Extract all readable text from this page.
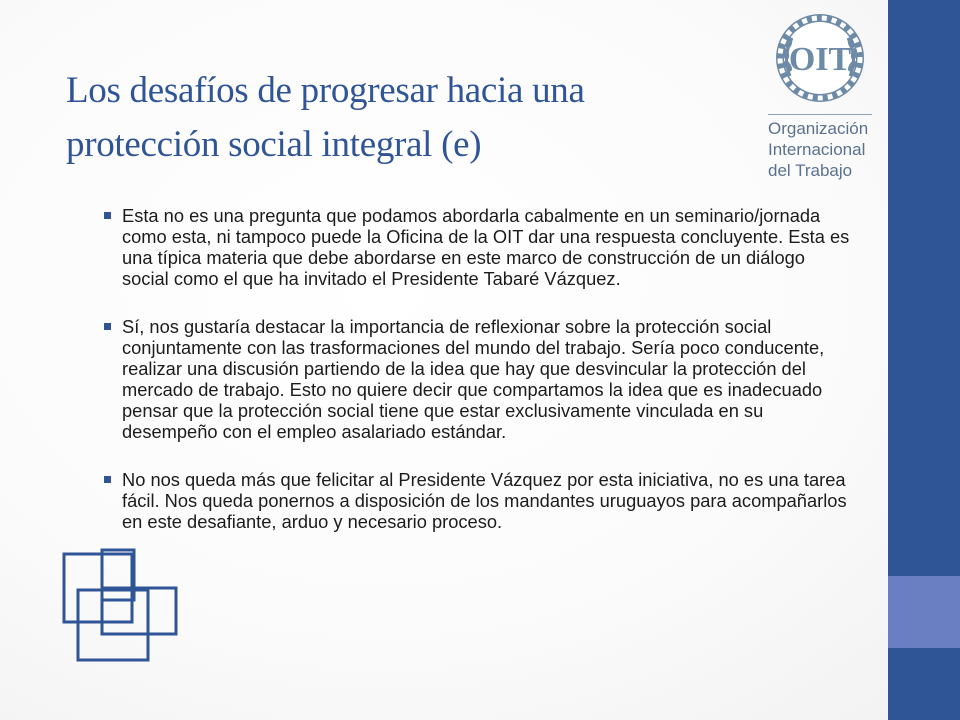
Los desafíos de progresar hacia una protección social integral (e)
OIT
Organización
Internacional
del Trabajo
Esta no es una pregunta que podamos abordarla cabalmente en un seminario/jornada como esta, ni tampoco puede la Oficina de la OIT dar una respuesta concluyente. Esta es una típica materia que debe abordarse en este marco de construcción de un diálogo social como el que ha invitado el Presidente Tabaré Vázquez.
Sí, nos gustaría destacar la importancia de reflexionar sobre la protección social conjuntamente con las trasformaciones del mundo del trabajo. Sería poco conducente, realizar una discusión partiendo de la idea que hay que desvincular la protección del mercado de trabajo. Esto no quiere decir que compartamos la idea que es inadecuado pensar que la protección social tiene que estar exclusivamente vinculada en su desempeño con el empleo asalariado estándar.
No nos queda más que felicitar al Presidente Vázquez por esta iniciativa, no es una tarea fácil. Nos queda ponernos a disposición de los mandantes uruguayos para acompañarlos en este desafiante, arduo y necesario proceso.
